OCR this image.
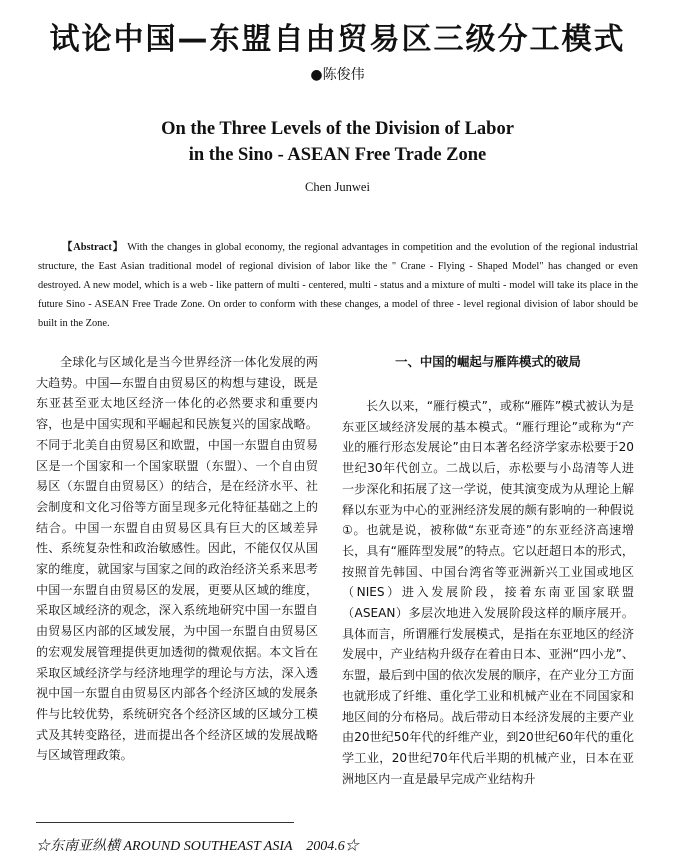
试论中国—东盟自由贸易区三级分工模式
●陈俊伟
On the Three Levels of the Division of Labor
in the Sino - ASEAN Free Trade Zone
Chen Junwei
【Abstract】 With the changes in global economy, the regional advantages in competition and the evolution of the regional industrial structure, the East Asian traditional model of regional division of labor like the " Crane - Flying - Shaped Model" has changed or even destroyed. A new model, which is a web - like pattern of multi - centered, multi - status and a mixture of multi - model will take its place in the future Sino - ASEAN Free Trade Zone. On order to conform with these changes, a model of three - level regional division of labor should be built in the Zone.
全球化与区域化是当今世界经济一体化发展的两大趋势。中国—东盟自由贸易区的构想与建设，既是东亚甚至亚太地区经济一体化的必然要求和重要内容，也是中国实现和平崛起和民族复兴的国家战略。不同于北美自由贸易区和欧盟，中国一东盟自由贸易区是一个国家和一个国家联盟（东盟）、一个自由贸易区（东盟自由贸易区）的结合，是在经济水平、社会制度和文化习俗等方面呈现多元化特征基础之上的结合。中国一东盟自由贸易区具有巨大的区域差异性、系统复杂性和政治敏感性。因此，不能仅仅从国家的维度，就国家与国家之间的政治经济关系来思考中国一东盟自由贸易区的发展，更要从区域的维度，采取区域经济的观念，深入系统地研究中国一东盟自由贸易区内部的区域发展，为中国一东盟自由贸易区的宏观发展管理提供更加透彻的微观依据。本文旨在采取区域经济学与经济地理学的理论与方法，深入透视中国一东盟自由贸易区内部各个经济区域的发展条件与比较优势，系统研究各个经济区域的区域分工模式及其转变路径，进而提出各个经济区域的发展战略与区域管理政策。
一、中国的崛起与雁阵模式的破局

长久以来，“雁行模式”，或称“雁阵”模式被认为是东亚区域经济发展的基本模式。“雁行理论”或称为“产业的雁行形态发展论”由日本著名经济学家赤松要于20世纪30年代创立。二战以后，赤松要与小岛清等人进一步深化和拓展了这一学说，使其演变成为从理论上解释以东亚为中心的亚洲经济发展的颇有影响的一种假说①。也就是说，被称做“东亚奇迹”的东亚经济高速增长，具有“雁阵型发展”的特点。它以赶超日本的形式，按照首先韩国、中国台湾省等亚洲新兴工业国或地区（NIES）进入发展阶段，接着东南亚国家联盟（ASEAN）多层次地进入发展阶段这样的顺序展开。具体而言，所谓雁行发展模式，是指在东亚地区的经济发展中，产业结构升级存在着由日本、亚洲“四小龙”、东盟，最后到中国的依次发展的顺序，在产业分工方面也就形成了纤维、重化学工业和机械产业在不同国家和地区间的分布格局。战后带动日本经济发展的主要产业由20世纪50年代的纤维产业，到20世纪60年代的重化学工业，20世纪70年代后半期的机械产业，日本在亚洲地区内一直是最早完成产业结构升

☆东南亚纵横 AROUND SOUTHEAST ASIA　2004.6☆
